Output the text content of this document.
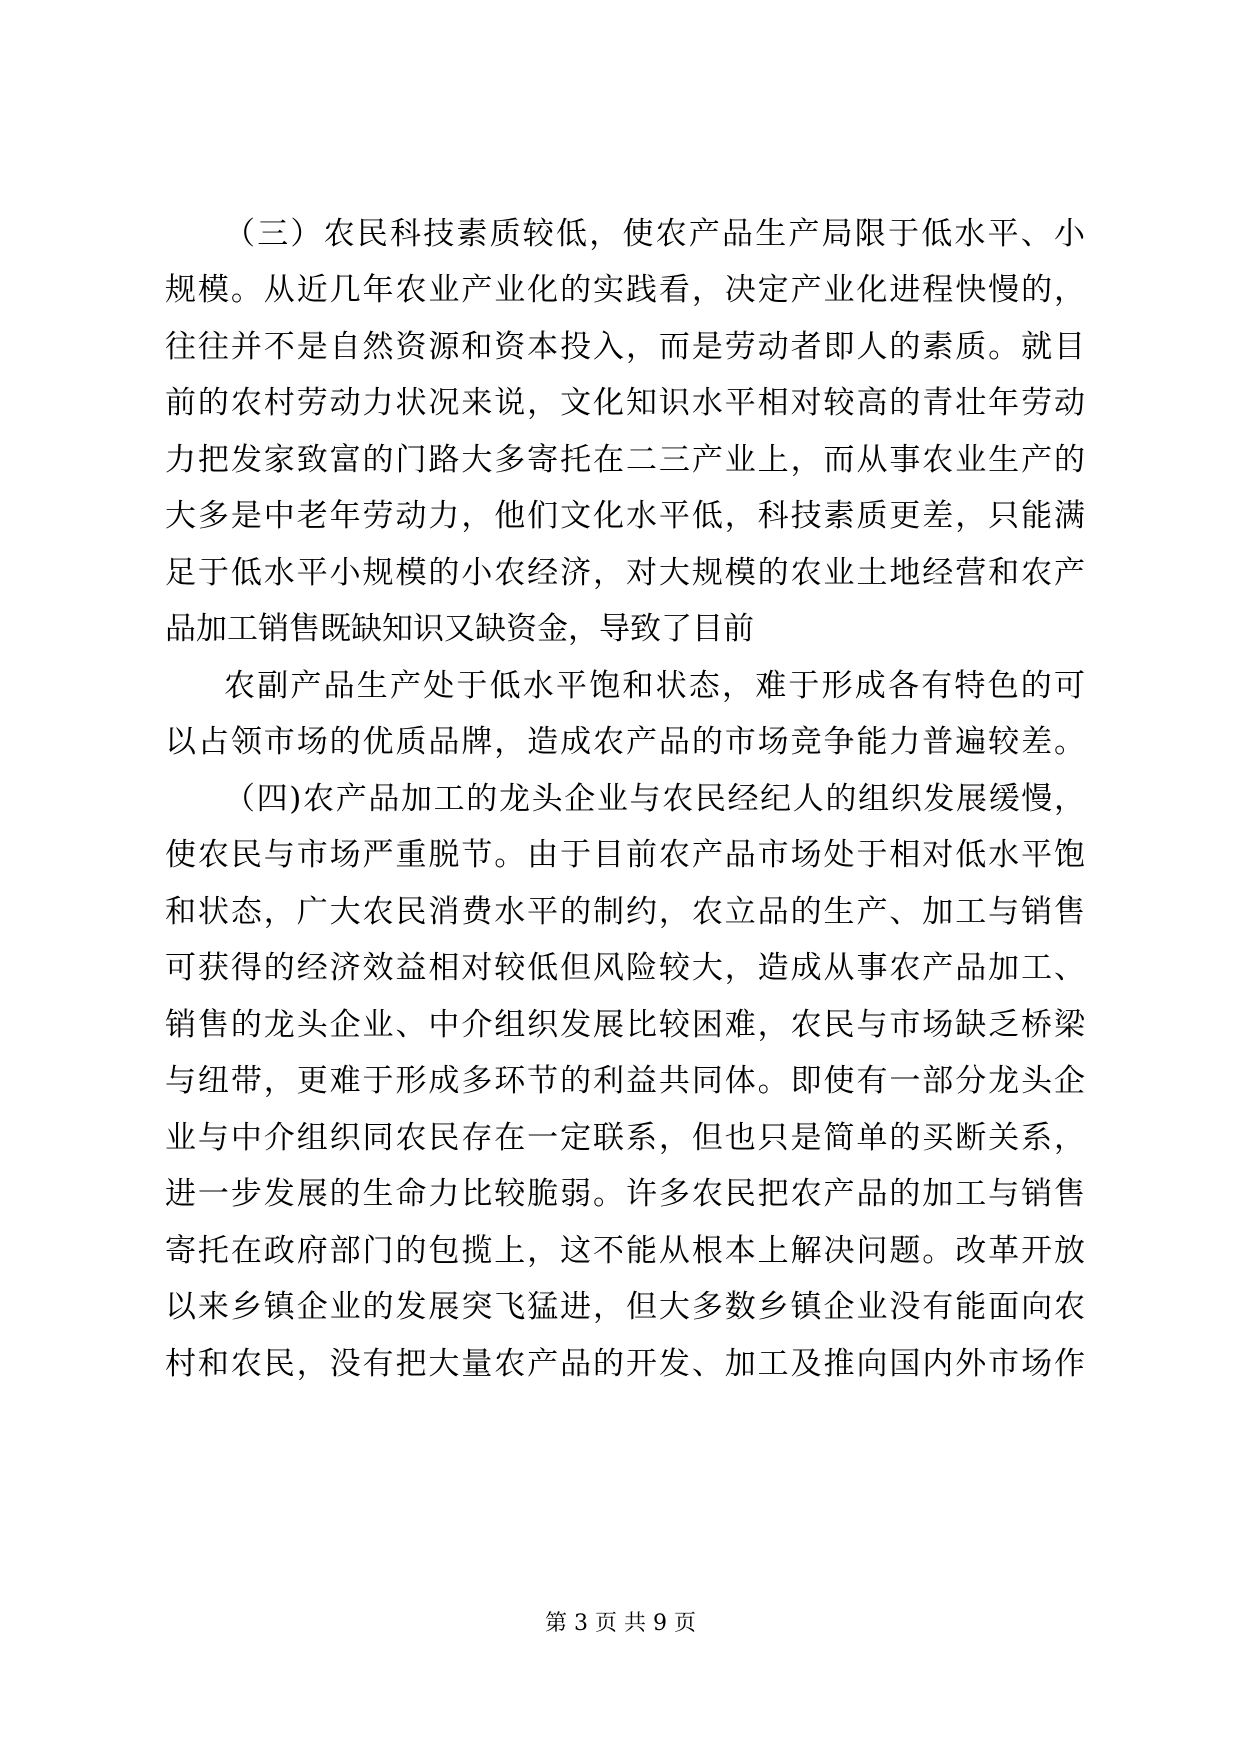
（三）农民科技素质较低，使农产品生产局限于低水平、小
规模。从近几年农业产业化的实践看，决定产业化进程快慢的，
往往并不是自然资源和资本投入，而是劳动者即人的素质。就目
前的农村劳动力状况来说，文化知识水平相对较高的青壮年劳动
力把发家致富的门路大多寄托在二三产业上，而从事农业生产的
大多是中老年劳动力，他们文化水平低，科技素质更差，只能满
足于低水平小规模的小农经济，对大规模的农业土地经营和农产
品加工销售既缺知识又缺资金，导致了目前
农副产品生产处于低水平饱和状态，难于形成各有特色的可
以占领市场的优质品牌，造成农产品的市场竞争能力普遍较差。
（四)农产品加工的龙头企业与农民经纪人的组织发展缓慢，
使农民与市场严重脱节。由于目前农产品市场处于相对低水平饱
和状态，广大农民消费水平的制约，农立品的生产、加工与销售
可获得的经济效益相对较低但风险较大，造成从事农产品加工、
销售的龙头企业、中介组织发展比较困难，农民与市场缺乏桥梁
与纽带，更难于形成多环节的利益共同体。即使有一部分龙头企
业与中介组织同农民存在一定联系，但也只是简单的买断关系，
进一步发展的生命力比较脆弱。许多农民把农产品的加工与销售
寄托在政府部门的包揽上，这不能从根本上解决问题。改革开放
以来乡镇企业的发展突飞猛进，但大多数乡镇企业没有能面向农
村和农民，没有把大量农产品的开发、加工及推向国内外市场作
第 3 页 共 9 页
